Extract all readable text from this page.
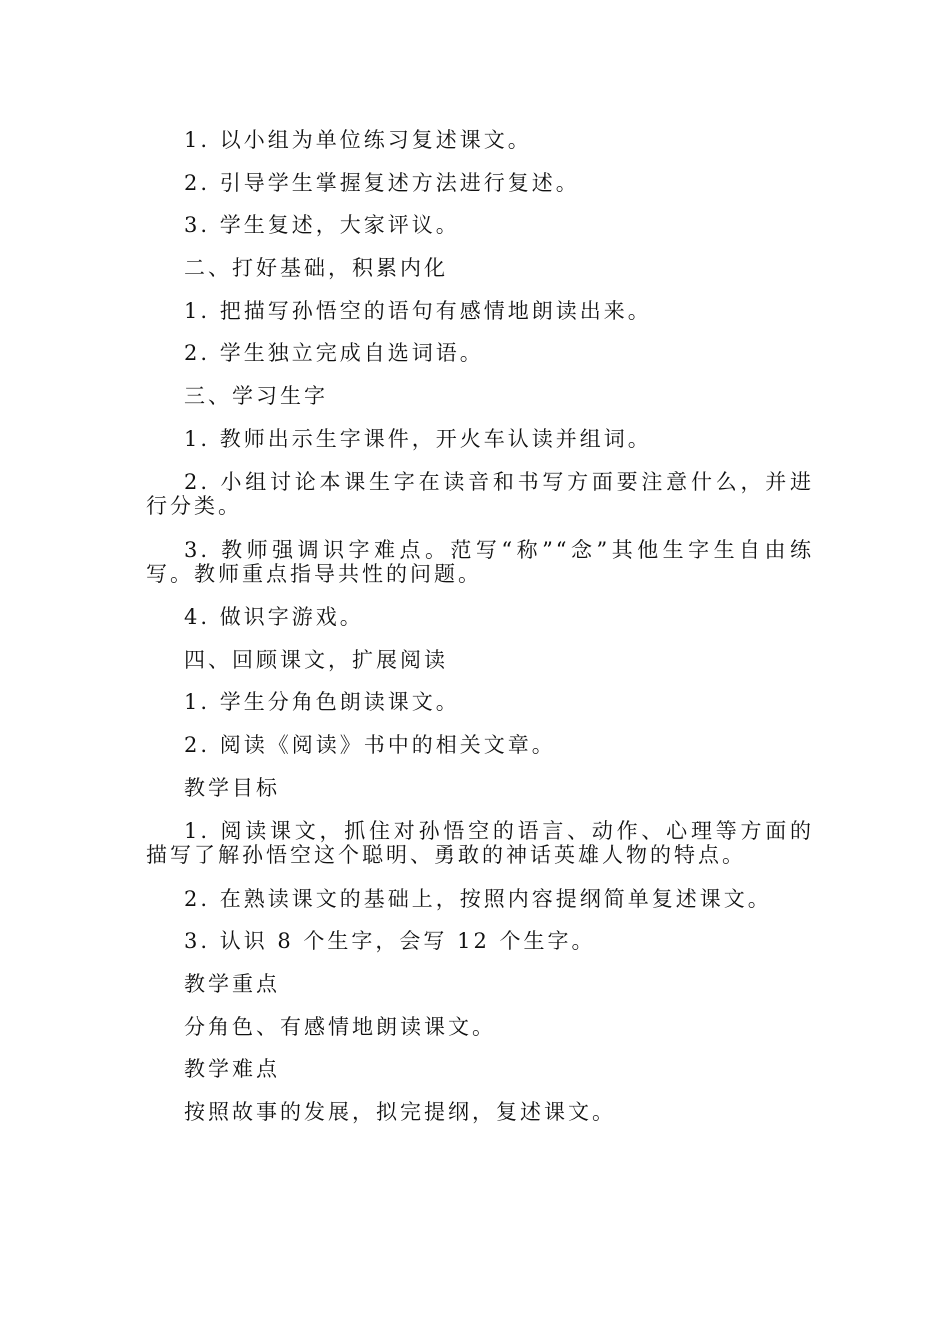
1. 以小组为单位练习复述课文。
2. 引导学生掌握复述方法进行复述。
3. 学生复述，大家评议。
二、打好基础，积累内化
1. 把描写孙悟空的语句有感情地朗读出来。
2. 学生独立完成自选词语。
三、学习生字
1. 教师出示生字课件，开火车认读并组词。
2. 小组讨论本课生字在读音和书写方面要注意什么，并进行分类。
3. 教师强调识字难点。范写“称”“念”其他生字生自由练写。教师重点指导共性的问题。
4. 做识字游戏。
四、回顾课文，扩展阅读
1. 学生分角色朗读课文。
2. 阅读《阅读》书中的相关文章。
教学目标
1. 阅读课文，抓住对孙悟空的语言、动作、心理等方面的描写了解孙悟空这个聪明、勇敢的神话英雄人物的特点。
2. 在熟读课文的基础上，按照内容提纲简单复述课文。
3. 认识 8 个生字，会写 12 个生字。
教学重点
分角色、有感情地朗读课文。
教学难点
按照故事的发展，拟完提纲，复述课文。
